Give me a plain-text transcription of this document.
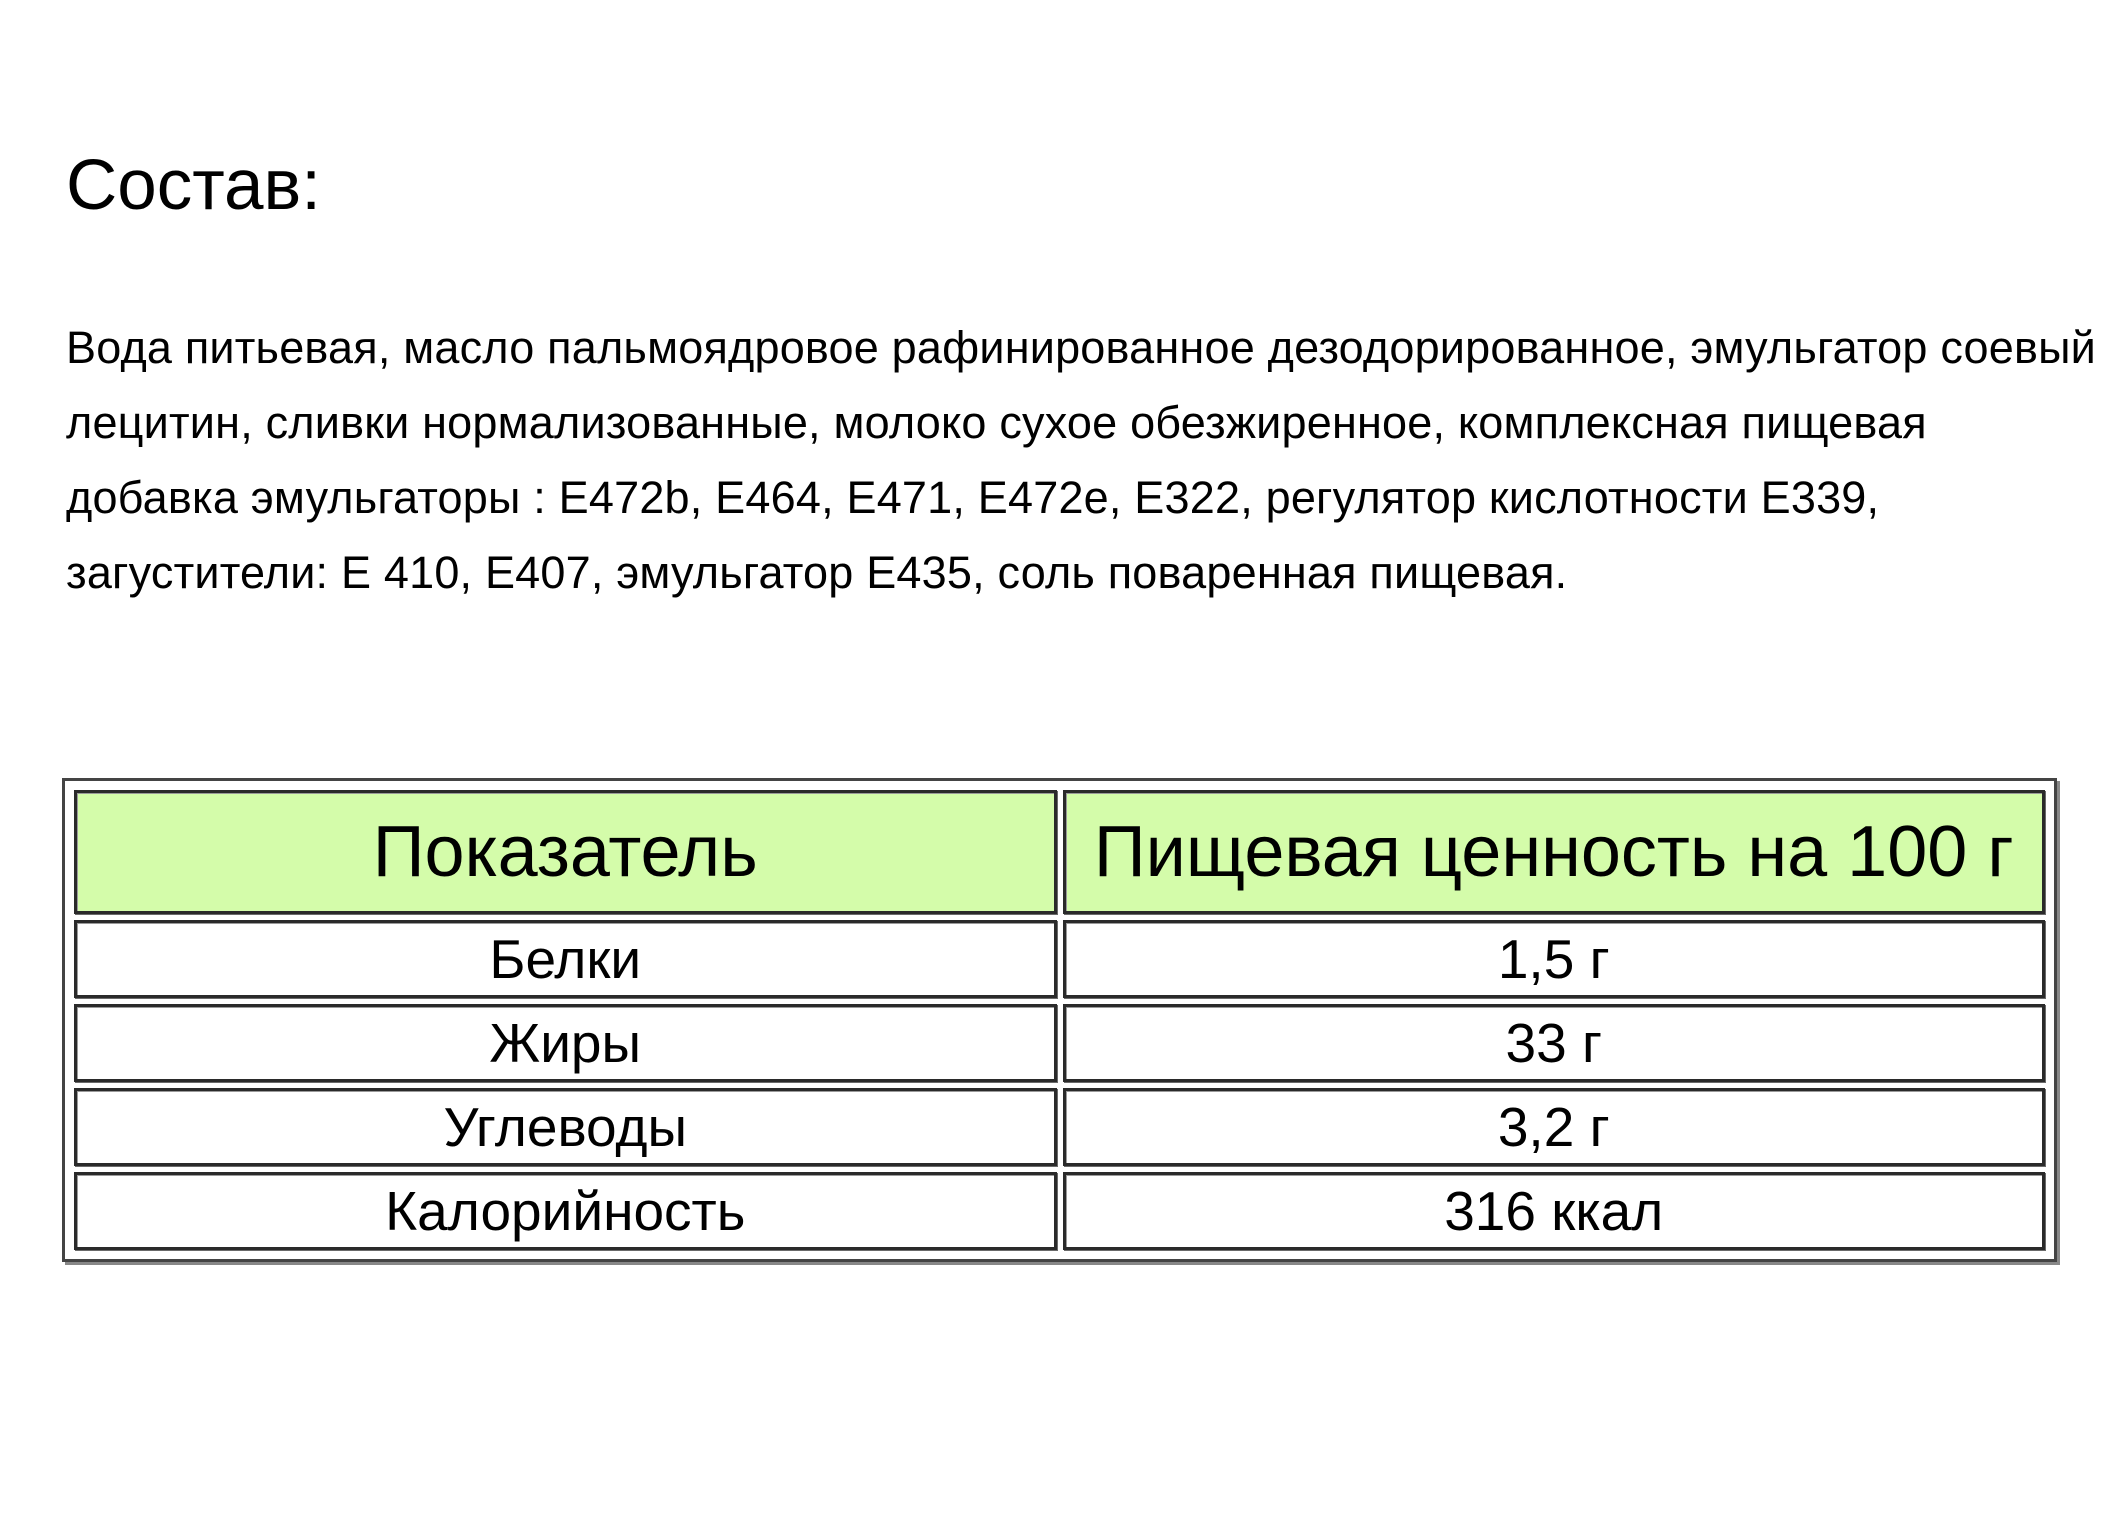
Состав:

Вода питьевая, масло пальмоядровое рафинированное дезодорированное, эмульгатор соевый лецитин, сливки нормализованные, молоко сухое обезжиренное, комплексная пищевая добавка эмульгаторы : Е472b, Е464, Е471, Е472е, Е322, регулятор кислотности Е339, загустители: Е 410, Е407, эмульгатор Е435, соль поваренная пищевая.

Показатель	Пищевая ценность на 100 г
Белки	1,5 г
Жиры	33 г
Углеводы	3,2 г
Калорийность	316 ккал
